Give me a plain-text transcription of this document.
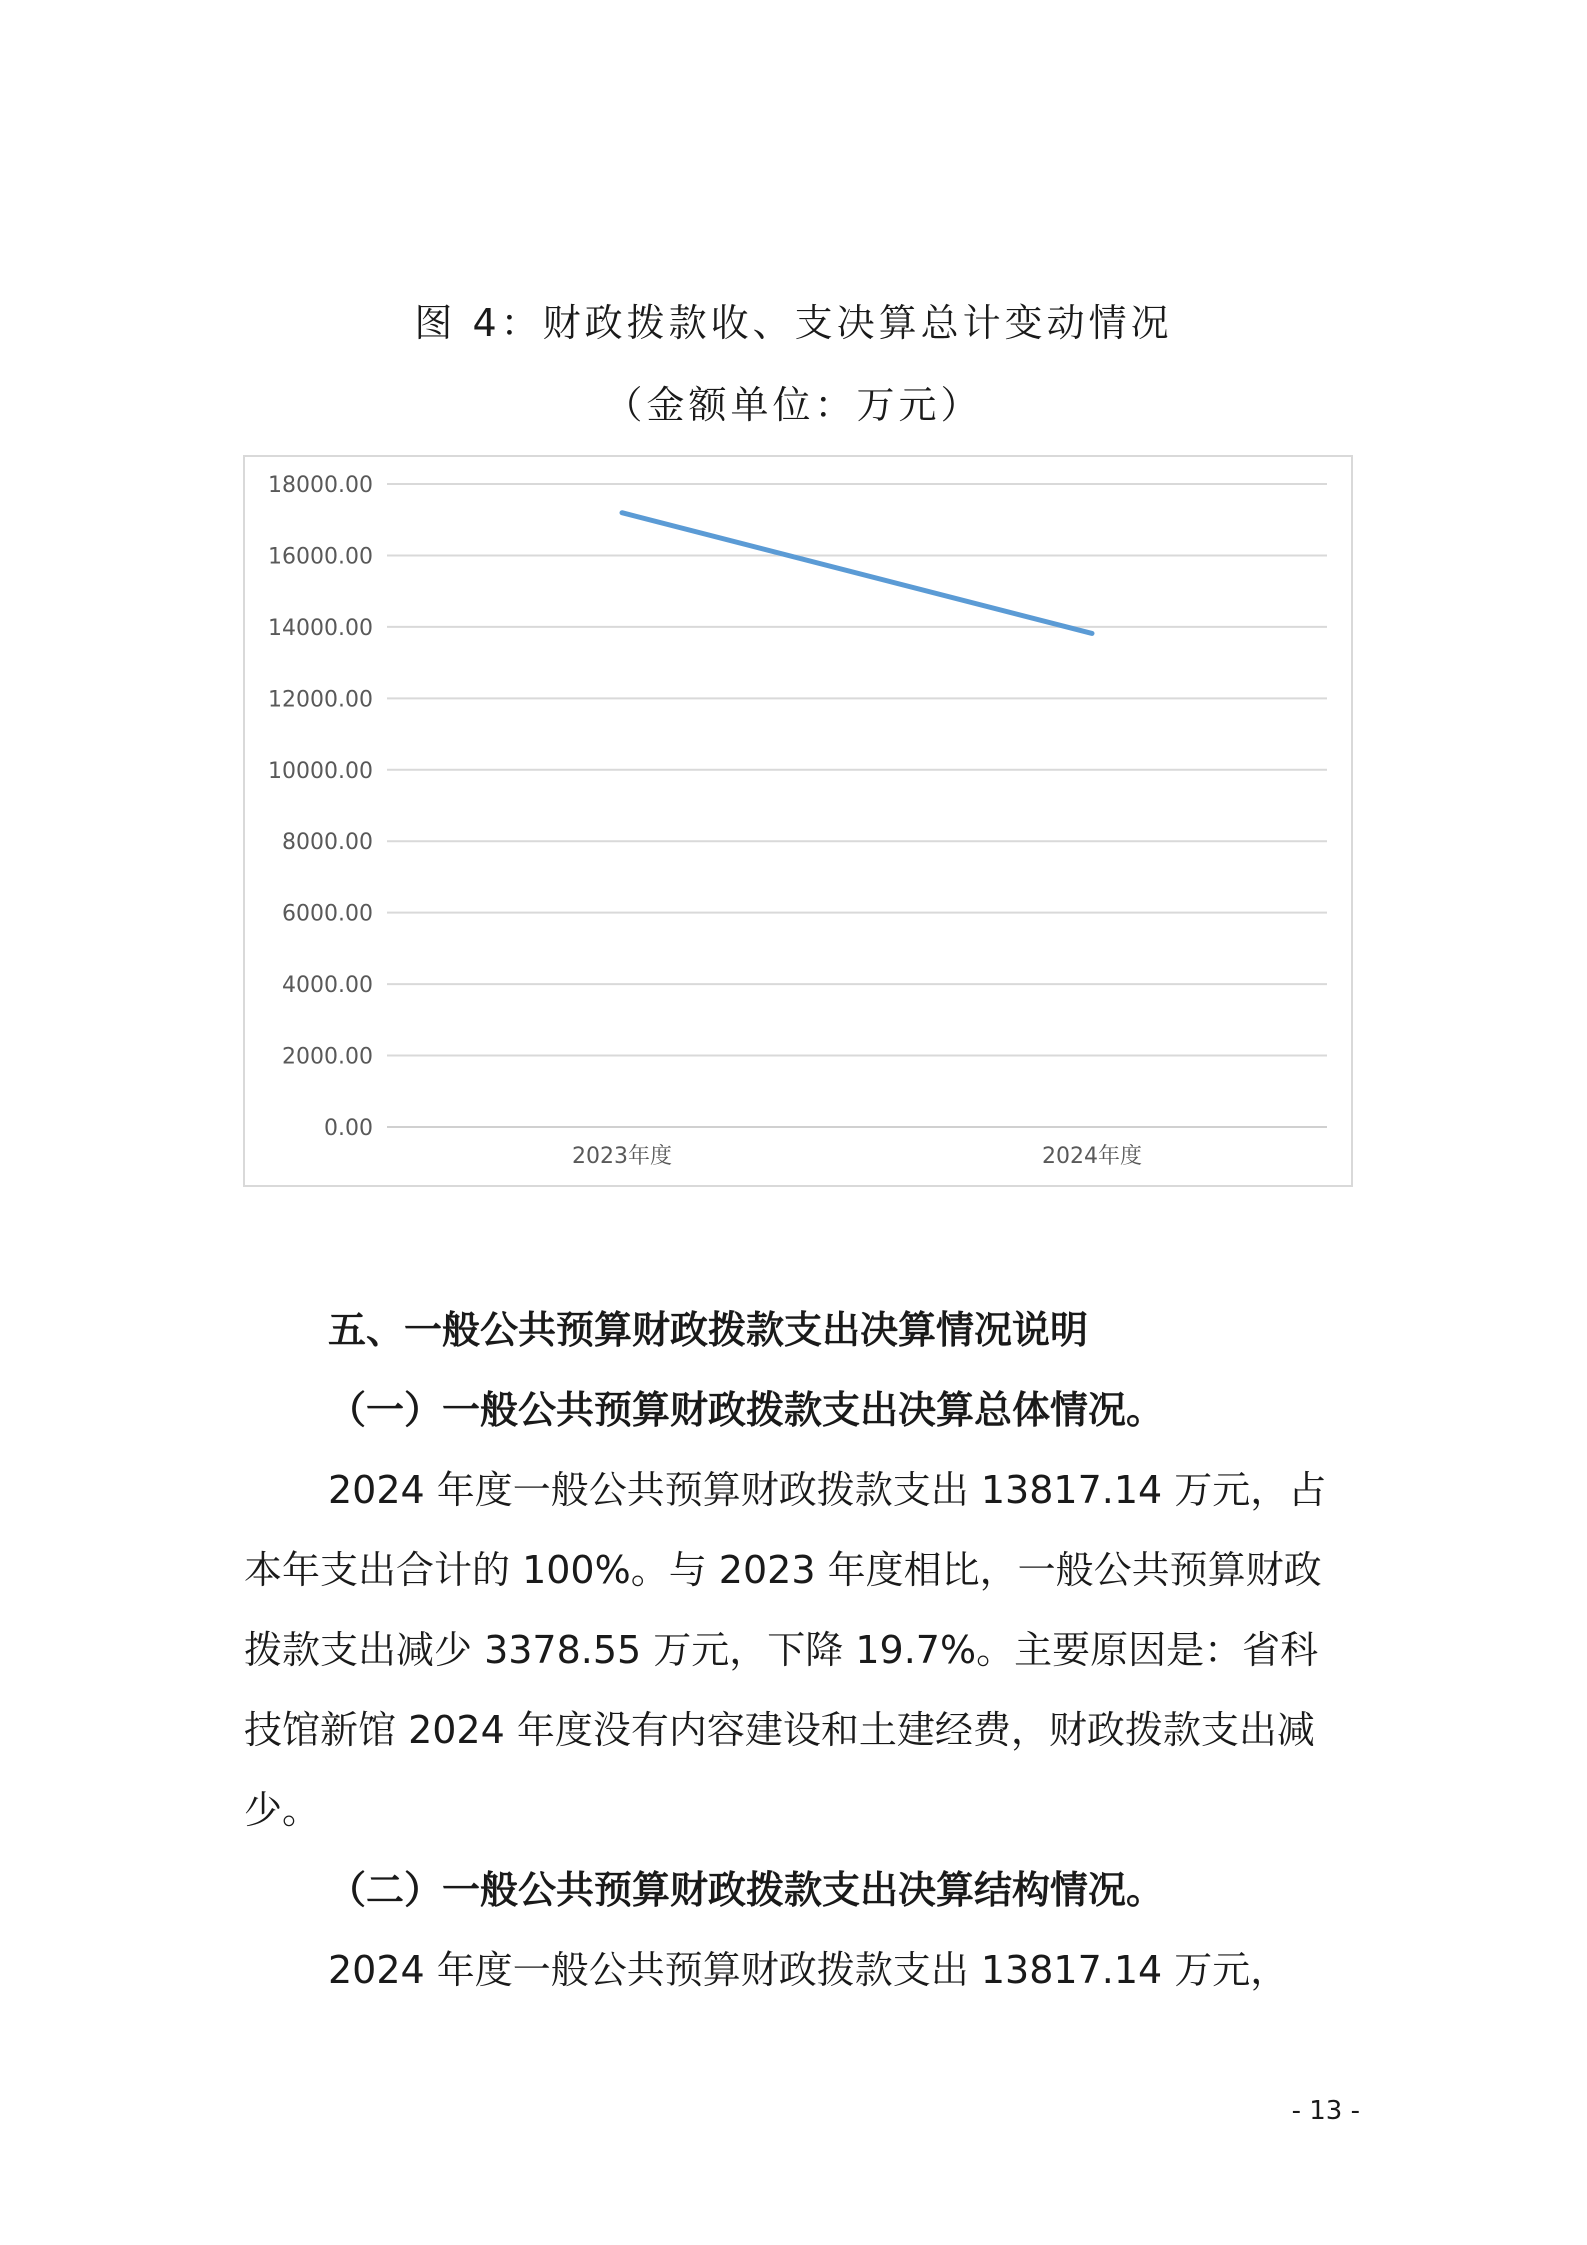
图 4：财政拨款收、支决算总计变动情况
（金额单位：万元）
0.00
2000.00
4000.00
6000.00
8000.00
10000.00
12000.00
14000.00
16000.00
18000.00
2023年度	2024年度

五、一般公共预算财政拨款支出决算情况说明

（一）一般公共预算财政拨款支出决算总体情况。

2024 年度一般公共预算财政拨款支出 13817.14 万元，占本年支出合计的 100%。与 2023 年度相比，一般公共预算财政拨款支出减少 3378.55 万元，下降 19.7%。主要原因是：省科技馆新馆 2024 年度没有内容建设和土建经费，财政拨款支出减少。

（二）一般公共预算财政拨款支出决算结构情况。

2024 年度一般公共预算财政拨款支出 13817.14 万元，

- 13 -
